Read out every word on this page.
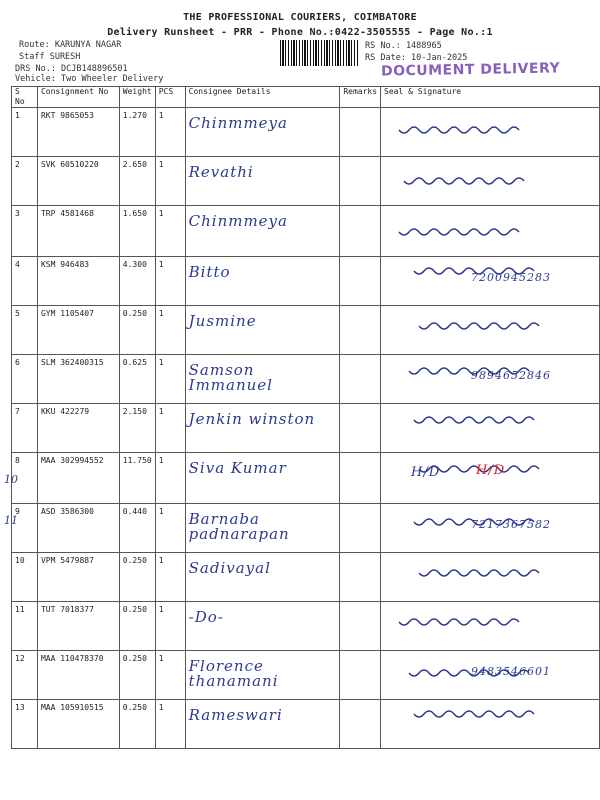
THE PROFESSIONAL COURIERS, COIMBATORE
Delivery Runsheet - PRR - Phone No.:0422-3505555 - Page No.:1
Route: KARUNYA NAGAR
Staff SURESH
DRS No.: DCJB148896501
Vehicle: Two Wheeler Delivery
RS No.: 1488965
RS Date: 10-Jan-2025
DOCUMENT DELIVERY
S No	Consignment No	Weight	PCS	Consignee Details	Remarks	Seal & Signature
1	RKT 9865053	1.270	1	Chinmmeya		

2	SVK 60510220	2.650	1	Revathi		

3	TRP 4581468	1.650	1	Chinmmeya		

4	KSM 946483	4.300	1	Bitto		7200945283

5	GYM 1105407	0.250	1	Jusmine		

6	SLM 362400315	0.625	1	Samson Immanuel		9894652846

7	KKU 422279	2.150	1	Jenkin winston		

8	MAA 302994552	11.750	1	Siva Kumar		H/D H/D

9	ASD 3586300	0.440	1	Barnaba padnarapan		7217367582

10	VPM 5479887	0.250	1	Sadivayal		

11	TUT 7018377	0.250	1	-Do-		

12	MAA 110478370	0.250	1	Florence thanamani		9483546601

13	MAA 105910515	0.250	1	Rameswari		
10
11
